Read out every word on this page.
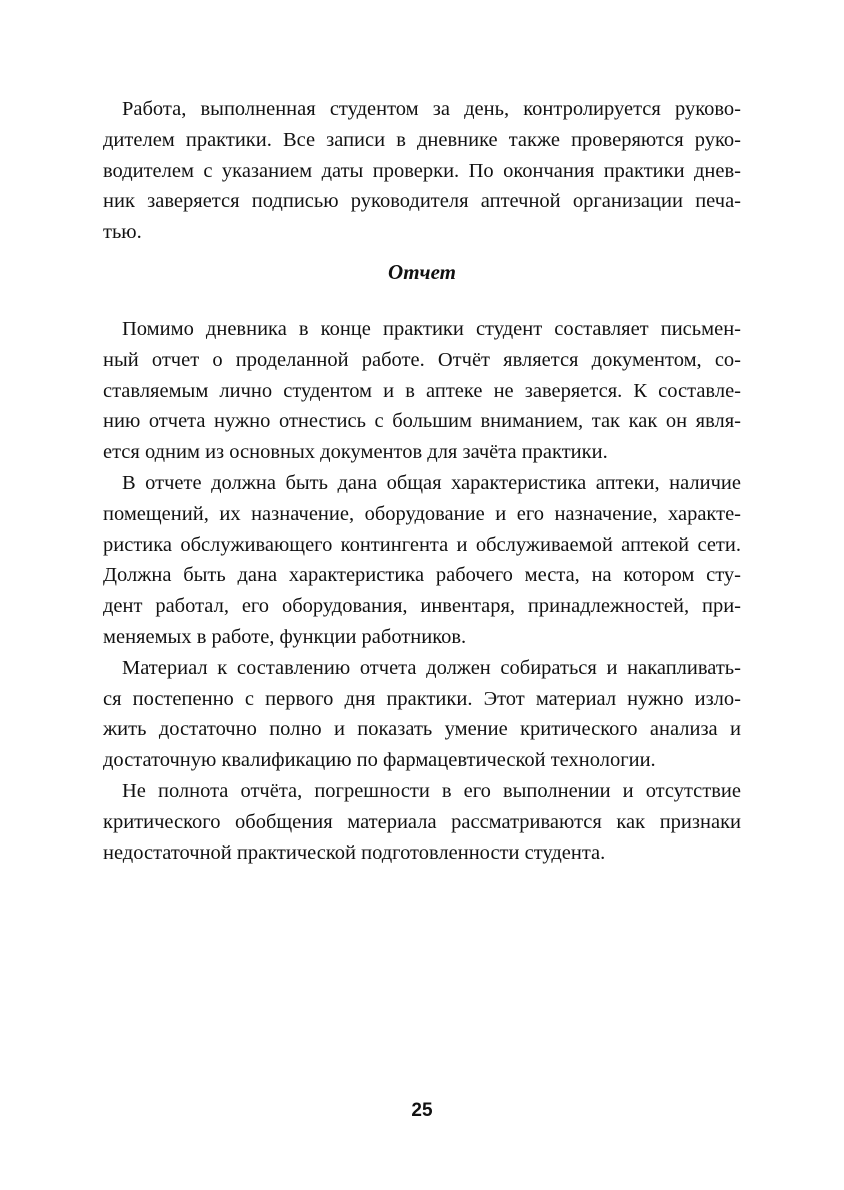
Работа, выполненная студентом за день, контролируется руково-
дителем практики. Все записи в дневнике также проверяются руко-
водителем с указанием даты проверки. По окончания практики днев-
ник заверяется подписью руководителя аптечной организации печа-
тью.
Отчет
Помимо дневника в конце практики студент составляет письмен-
ный отчет о проделанной работе. Отчёт является документом, со-
ставляемым лично студентом и в аптеке не заверяется. К составле-
нию отчета нужно отнестись с большим вниманием, так как он явля-
ется одним из основных документов для зачёта практики.
В отчете должна быть дана общая характеристика аптеки, наличие
помещений, их назначение, оборудование и его назначение, характе-
ристика обслуживающего контингента и обслуживаемой аптекой сети.
Должна быть дана характеристика рабочего места, на котором сту-
дент работал, его оборудования, инвентаря, принадлежностей, при-
меняемых в работе, функции работников.
Материал к составлению отчета должен собираться и накапливать-
ся постепенно с первого дня практики. Этот материал нужно изло-
жить достаточно полно и показать умение критического анализа и
достаточную квалификацию по фармацевтической технологии.
Не полнота отчёта, погрешности в его выполнении и отсутствие
критического обобщения материала рассматриваются как признаки
недостаточной практической подготовленности студента.

25
